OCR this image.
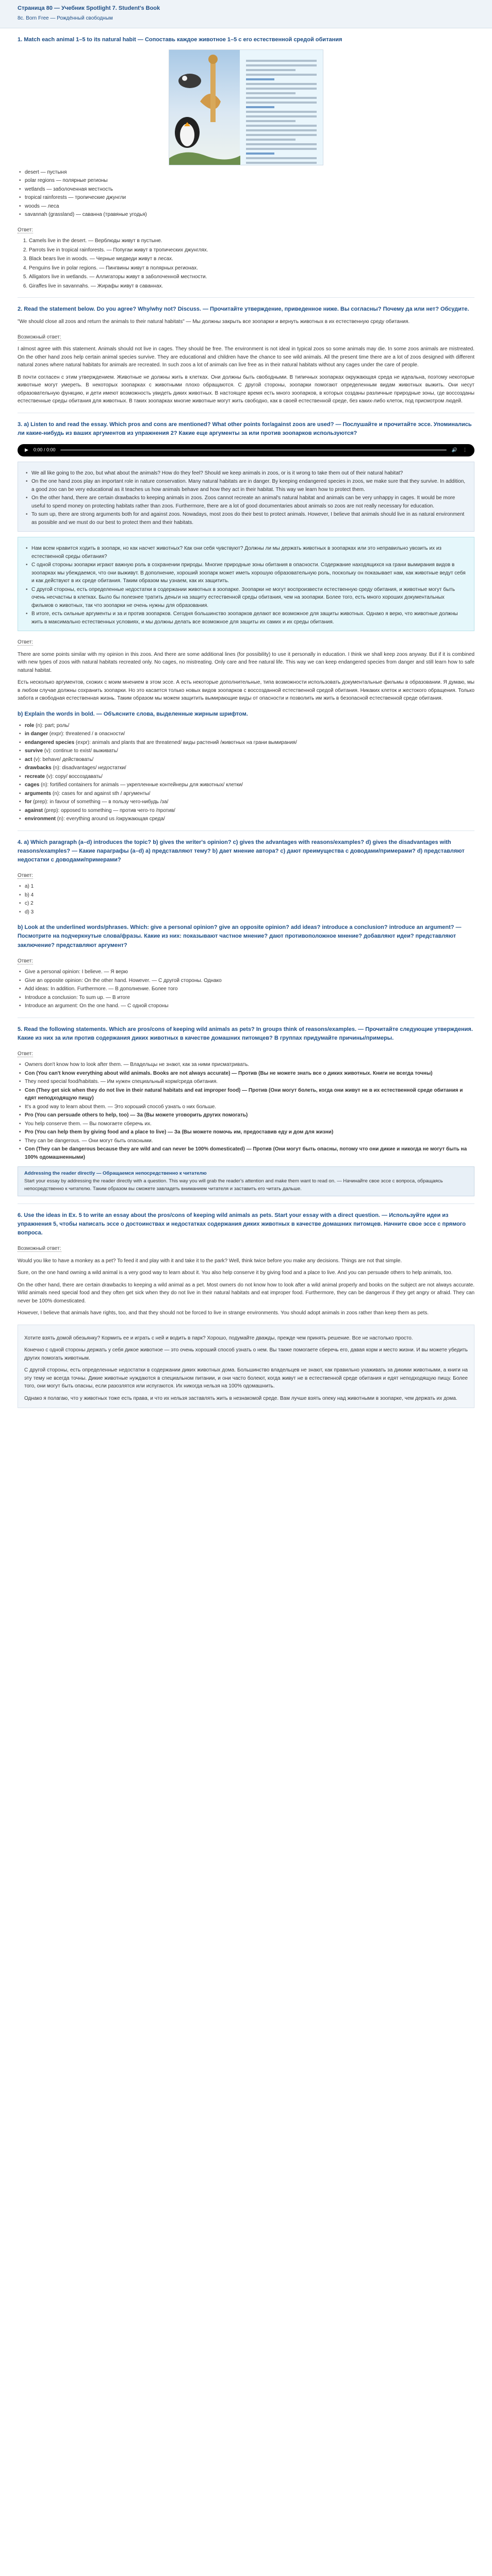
Страница 80 — Учебник Spotlight 7. Student's Book
8c. Born Free — Рождённый свободным
1. Match each animal 1–5 to its natural habit — Сопоставь каждое животное 1–5 с его естественной средой обитания
• desert — пустыня
• polar regions — полярные регионы
• wetlands — заболоченная местность
• tropical rainforests — тропические джунгли
• woods — леса
• savannah (grassland) — саванна (травяные угодья)
Ответ:
1. Camels live in the desert. — Верблюды живут в пустыне.
2. Parrots live in tropical rainforests. — Попугаи живут в тропических джунглях.
3. Black bears live in woods. — Черные медведи живут в лесах.
4. Penguins live in polar regions. — Пингвины живут в полярных регионах.
5. Alligators live in wetlands. — Аллигаторы живут в заболоченной местности.
6. Giraffes live in savannahs. — Жирафы живут в саваннах.
2. Read the statement below. Do you agree? Why/why not? Discuss. — Прочитайте утверждение, приведенное ниже. Вы согласны? Почему да или нет? Обсудите.

"We should close all zoos and return the animals to their natural habitats" — Мы должны закрыть все зоопарки и вернуть животных в их естественную среду обитания.

Возможный ответ:

I almost agree with this statement. Animals should not live in cages. They should be free. The environment is not ideal in typical zoos so some animals may die. In some zoos animals are mistreated. On the other hand zoos help certain animal species survive. They are educational and children have the chance to see wild animals. All the present time there are a lot of zoos designed with different natural zones where natural habitats for animals are recreated. In such zoos a lot of animals can live free as in their natural habitats without any cages under the care of people.

В почти согласен с этим утверждением. Животные не должны жить в клетках. Они должны быть свободными. В типичных зоопарках окружающая среда не идеальна, поэтому некоторые животные могут умереть. В некоторых зоопарках с животными плохо обращаются. С другой стороны, зоопарки помогают определенным видам животных выжить. Они несут образовательную функцию, и дети имеют возможность увидеть диких животных. В настоящее время есть много зоопарков, в которых созданы различные природные зоны, где воссозданы естественные среды обитания для животных. В таких зоопарках многие животные могут жить свободно, как в своей естественной среде, без каких-либо клеток, под присмотром людей.

3. a) Listen to and read the essay. Which pros and cons are mentioned? What other points for/against zoos are used? — Послушайте и прочитайте эссе. Упоминались ли какие-нибудь из ваших аргументов из упражнения 2? Какие еще аргументы за или против зоопарков используются?
▶ 0:00 / 0:00	🔊 ⋮
• We all like going to the zoo, but what about the animals? How do they feel? Should we keep animals in zoos, or is it wrong to take them out of their natural habitat?
• On the one hand zoos play an important role in nature conservation. Many natural habitats are in danger. By keeping endangered species in zoos, we make sure that they survive. In addition, a good zoo can be very educational as it teaches us how animals behave and how they act in their habitat. This way we learn how to protect them.
• On the other hand, there are certain drawbacks to keeping animals in zoos. Zoos cannot recreate an animal's natural habitat and animals can be very unhappy in cages. It would be more useful to spend money on protecting habitats rather than zoos. Furthermore, there are a lot of good documentaries about animals so zoos are not really necessary for education.
• To sum up, there are strong arguments both for and against zoos. Nowadays, most zoos do their best to protect animals. However, I believe that animals should live in as natural environment as possible and we must do our best to protect them and their habitats.
• Нам всем нравится ходить в зоопарк, но как насчет животных? Как они себя чувствуют? Должны ли мы держать животных в зоопарках или это неправильно увозить их из естественной среды обитания?
• С одной стороны зоопарки играют важную роль в сохранении природы. Многие природные зоны обитания в опасности. Содержание находящихся на грани вымирания видов в зоопарках мы убеждаемся, что они выживут. В дополнение, хороший зоопарк может иметь хорошую образовательную роль, поскольку он показывает нам, как животные ведут себя и как действуют в их среде обитания. Таким образом мы узнаем, как их защитить.
• С другой стороны, есть определенные недостатки в содержании животных в зоопарке. Зоопарки не могут воспроизвести естественную среду обитания, и животные могут быть очень несчастны в клетках. Было бы полезнее тратить деньги на защиту естественной среды обитания, чем на зоопарки. Более того, есть много хороших документальных фильмов о животных, так что зоопарки не очень нужны для образования.
• В итоге, есть сильные аргументы и за и против зоопарков. Сегодня большинство зоопарков делают все возможное для защиты животных. Однако я верю, что животные должны жить в максимально естественных условиях, и мы должны делать все возможное для защиты их самих и их среды обитания.
Ответ:

There are some points similar with my opinion in this zoos. And there are some additional lines (for possibility) to use it personally in education. I think we shall keep zoos anyway. But if it is combined with new types of zoos with natural habitats recreated only. No cages, no mistreating. Only care and free natural life. This way we can keep endangered species from danger and still learn how to safe natural habitat.

Есть несколько аргументов, схожих с моим мнением в этом эссе. А есть некоторые дополнительные, типа возможности использовать документальные фильмы в образовании. Я думаю, мы в любом случае должны сохранить зоопарки. Но это касается только новых видов зоопарков с воссозданной естественной средой обитания. Никаких клеток и жестокого обращения. Только забота и свободная естественная жизнь. Таким образом мы можем защитить вымирающие виды от опасности и позволить им жить в безопасной естественной среде обитания.

b) Explain the words in bold. — Объясните слова, выделенные жирным шрифтом.
• role (n): part; роль/
• in danger (expr): threatened / в опасности/
• endangered species (expr): animals and plants that are threatened/ виды растений /животных на грани вымирания/
• survive (v): continue to exist/ выживать/
• act (v): behave/ действовать/
• drawbacks (n): disadvantages/ недостатки/
• recreate (v): copy/ воссоздавать/
• cages (n): fortified containers for animals — укрепленные контейнеры для животных/ клетки/
• arguments (n): cases for and against sth / аргументы/
• for (prep): in favour of something — в пользу чего-нибудь /за/
• against (prep): opposed to something — против чего-то /против/
• environment (n): everything around us /окружающая среда/
4. a) Which paragraph (a–d) introduces the topic? b) gives the writer's opinion? c) gives the advantages with reasons/examples? d) gives the disadvantages with reasons/examples? — Какие параграфы (a–d) а) представляют тему? b) дает мнение автора? c) дают преимущества с доводами/примерами? d) представляют недостатки с доводами/примерами?
Ответ:
• a) 1
• b) 4
• c) 2
• d) 3
b) Look at the underlined words/phrases. Which: give a personal opinion? give an opposite opinion? add ideas? introduce a conclusion? introduce an argument? — Посмотрите на подчеркнутые слова/фразы. Какие из них: показывают частное мнение? дают противоположное мнение? добавляют идеи? представляют заключение? представляют аргумент?
Ответ:
• Give a personal opinion: I believe. — Я верю
• Give an opposite opinion: On the other hand. However. — С другой стороны. Однако
• Add ideas: In addition. Furthermore. — В дополнение. Более того
• Introduce a conclusion: To sum up. — В итоге
• Introduce an argument: On the one hand. — С одной стороны
5. Read the following statements. Which are pros/cons of keeping wild animals as pets? In groups think of reasons/examples. — Прочитайте следующие утверждения. Какие из них за или против содержания диких животных в качестве домашних питомцев? В группах придумайте причины/примеры.
Ответ:
• Owners don't know how to look after them. — Владельцы не знают, как за ними присматривать.
• Con (You can't know everything about wild animals. Books are not always accurate) — Против (Вы не можете знать все о диких животных. Книги не всегда точны)
• They need special food/habitats. — Им нужен специальный корм/среда обитания.
• Con (They get sick when they do not live in their natural habitats and eat improper food) — Против (Они могут болеть, когда они живут не в их естественной среде обитания и едят неподходящую пищу)
• It's a good way to learn about them. — Это хороший способ узнать о них больше.
• Pro (You can persuade others to help, too) — За (Вы можете уговорить других помогать)
• You help conserve them. — Вы помогаете сберечь их.
• Pro (You can help them by giving food and a place to live) — За (Вы можете помочь им, предоставив еду и дом для жизни)
• They can be dangerous. — Они могут быть опасными.
• Con (They can be dangerous because they are wild and can never be 100% domesticated) — Против (Они могут быть опасны, потому что они дикие и никогда не могут быть на 100% одомашненными)
Addressing the reader directly — Обращаемся непосредственно к читателю
Start your essay by addressing the reader directly with a question. This way you will grab the reader's attention and make them want to read on. — Начинайте свое эссе с вопроса, обращаясь непосредственно к читателю. Таким образом вы сможете завладеть вниманием читателя и заставить его читать дальше.
6. Use the ideas in Ex. 5 to write an essay about the pros/cons of keeping wild animals as pets. Start your essay with a direct question. — Используйте идеи из упражнения 5, чтобы написать эссе о достоинствах и недостатках содержания диких животных в качестве домашних питомцев. Начните свое эссе с прямого вопроса.
Возможный ответ:

Would you like to have a monkey as a pet? To feed it and play with it and take it to the park? Well, think twice before you make any decisions. Things are not that simple.

Sure, on the one hand owning a wild animal is a very good way to learn about it. You also help conserve it by giving food and a place to live. And you can persuade others to help animals, too.

On the other hand, there are certain drawbacks to keeping a wild animal as a pet. Most owners do not know how to look after a wild animal properly and books on the subject are not always accurate. Wild animals need special food and they often get sick when they do not live in their natural habitats and eat improper food. Furthermore, they can be dangerous if they get angry or afraid. They can never be 100% domesticated.

However, I believe that animals have rights, too, and that they should not be forced to live in strange environments. You should adopt animals in zoos rather than keep them as pets.

Хотите взять домой обезьянку? Кормить ее и играть с ней и водить в парк? Хорошо, подумайте дважды, прежде чем принять решение. Все не настолько просто.

Конечно с одной стороны держать у себя дикое животное — это очень хороший способ узнать о нем. Вы также помогаете сберечь его, давая корм и место жизни. И вы можете убедить других помогать животным.

С другой стороны, есть определенные недостатки в содержании диких животных дома. Большинство владельцев не знают, как правильно ухаживать за дикими животными, а книги на эту тему не всегда точны. Дикие животные нуждаются в специальном питании, и они часто болеют, когда живут не в естественной среде обитания и едят неподходящую пищу. Более того, они могут быть опасны, если разозлятся или испугаются. Их никогда нельзя на 100% одомашнить.

Однако я полагаю, что у животных тоже есть права, и что их нельзя заставлять жить в незнакомой среде. Вам лучше взять опеку над животными в зоопарке, чем держать их дома.
